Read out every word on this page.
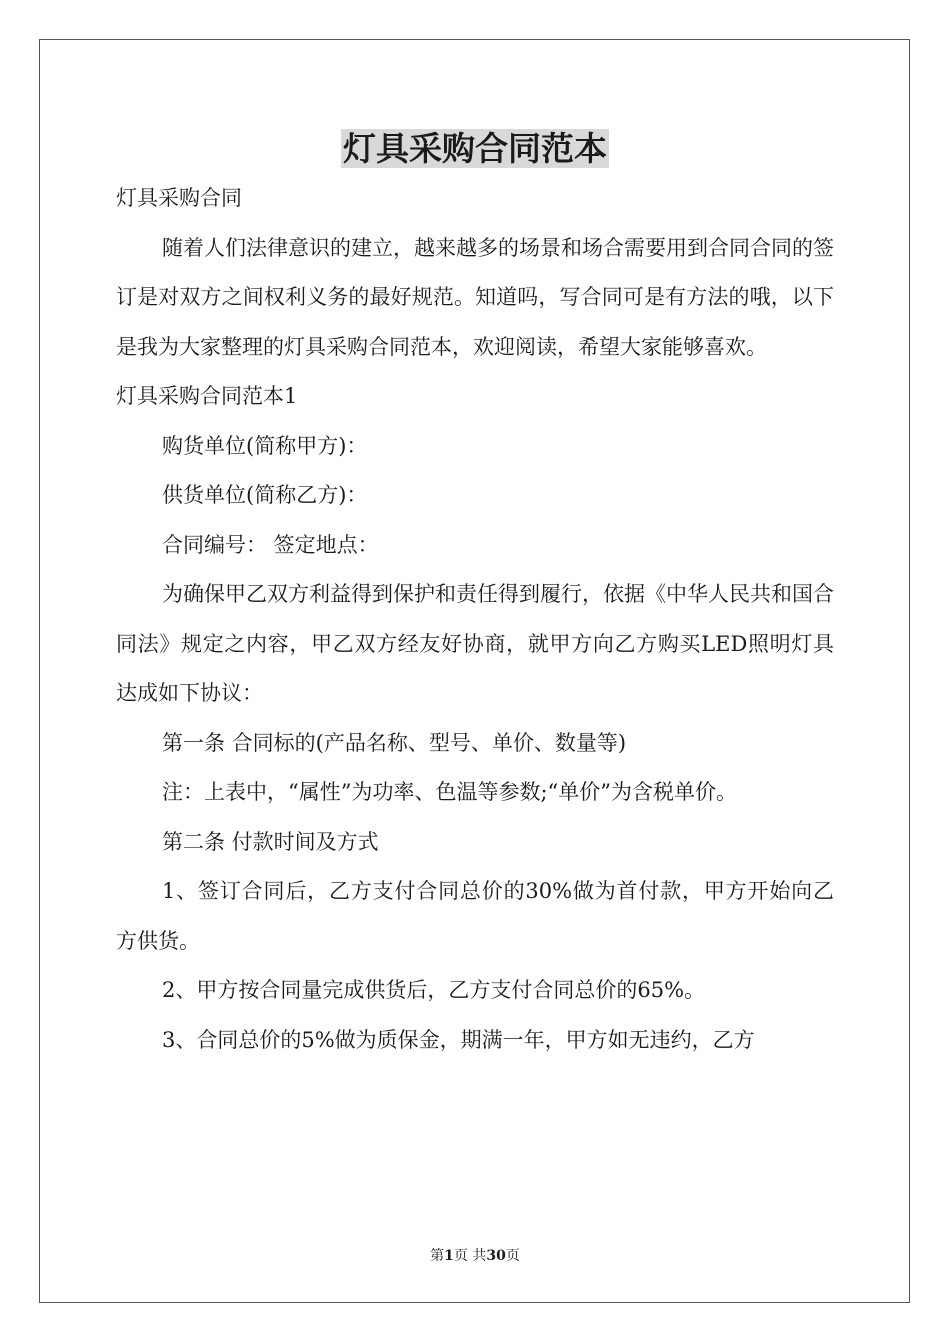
灯具采购合同范本

灯具采购合同

随着人们法律意识的建立，越来越多的场景和场合需要用到合同合同的签订是对双方之间权利义务的最好规范。知道吗，写合同可是有方法的哦，以下是我为大家整理的灯具采购合同范本，欢迎阅读，希望大家能够喜欢。

灯具采购合同范本1

购货单位(简称甲方)：

供货单位(简称乙方)：

合同编号： 签定地点：

为确保甲乙双方利益得到保护和责任得到履行，依据《中华人民共和国合同法》规定之内容，甲乙双方经友好协商，就甲方向乙方购买LED照明灯具达成如下协议：

第一条 合同标的(产品名称、型号、单价、数量等)

注：上表中，“属性”为功率、色温等参数;“单价”为含税单价。

第二条 付款时间及方式

1、签订合同后，乙方支付合同总价的30%做为首付款，甲方开始向乙 方供货。

2、甲方按合同量完成供货后，乙方支付合同总价的65%。

3、合同总价的5%做为质保金，期满一年，甲方如无违约，乙方

第1页 共30页
